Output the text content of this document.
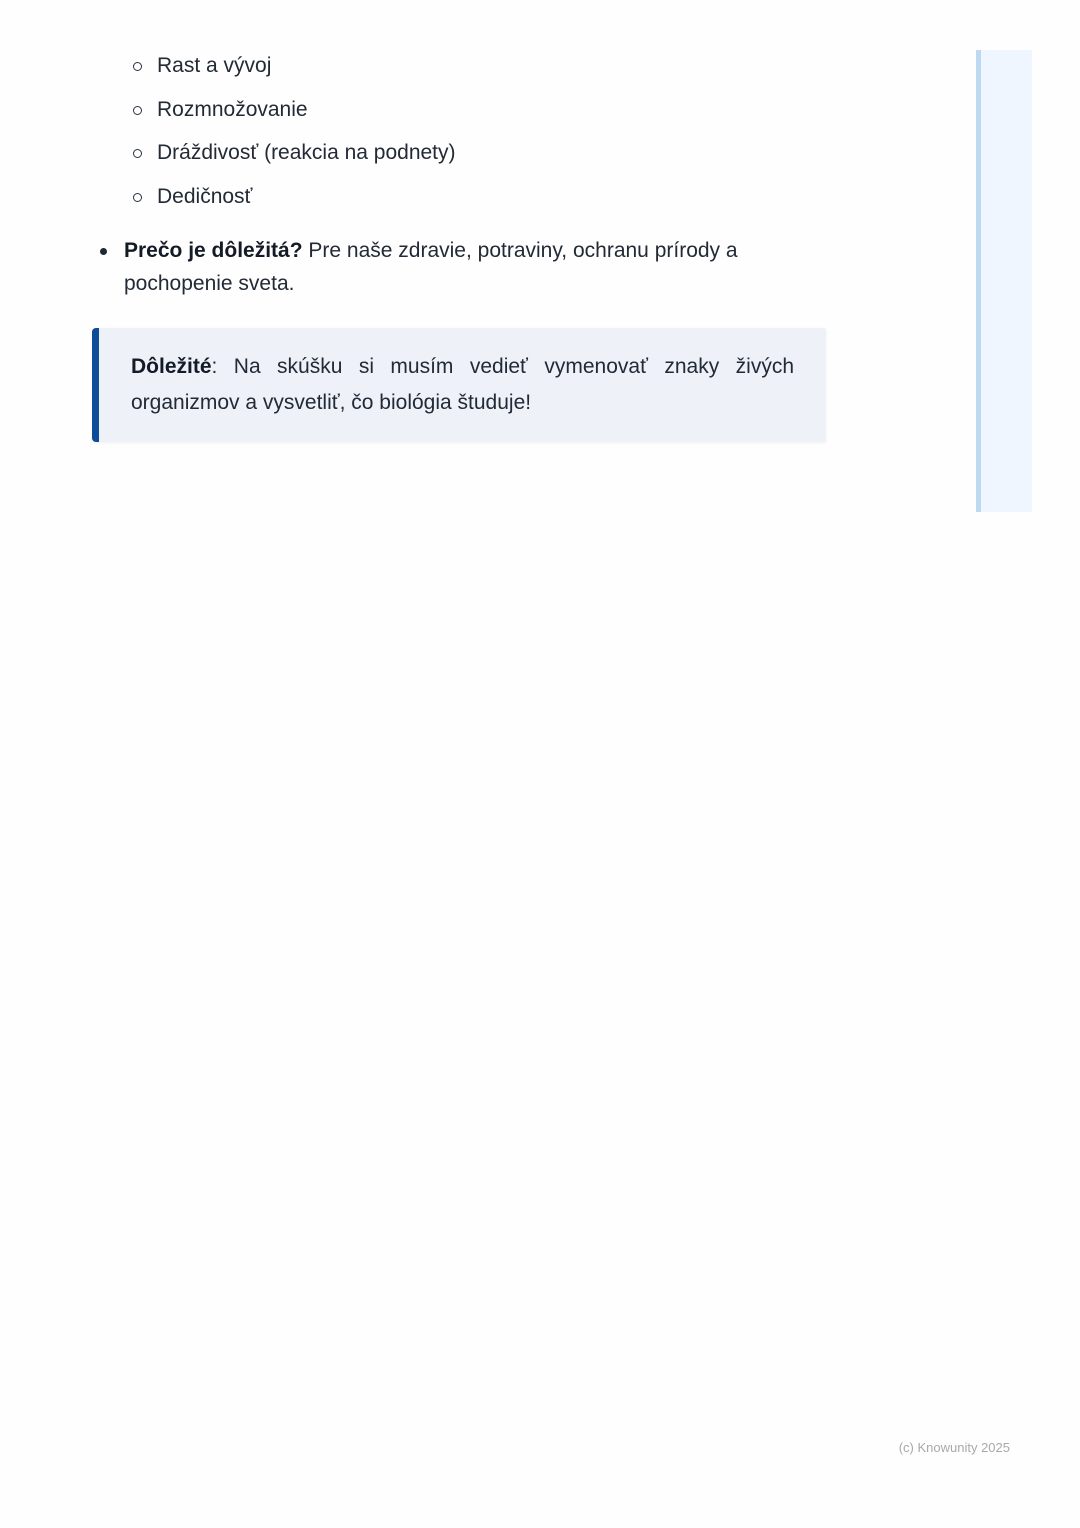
Rast a vývoj
Rozmnožovanie
Dráždivosť (reakcia na podnety)
Dedičnosť
Prečo je dôležitá? Pre naše zdravie, potraviny, ochranu prírody a pochopenie sveta.

Dôležité: Na skúšku si musím vedieť vymenovať znaky živých organizmov a vysvetliť, čo biológia študuje!

(c) Knowunity 2025
